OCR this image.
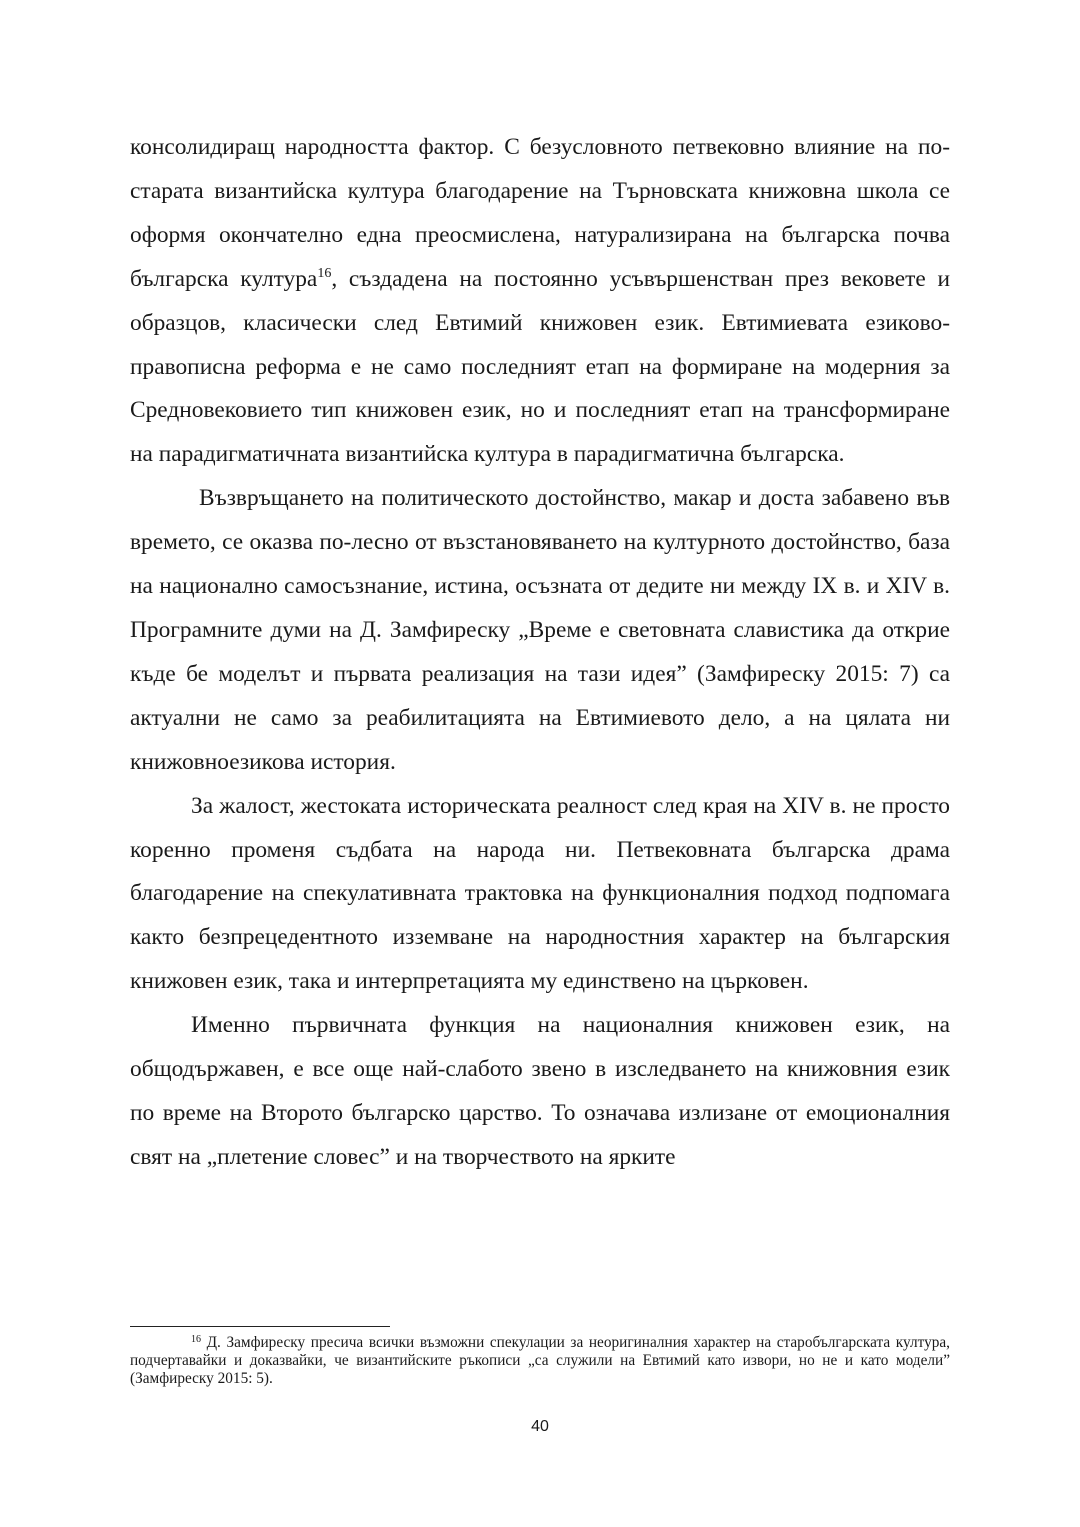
консолидиращ народността фактор. С безусловното петвековно влияние на по-старата византийска култура благодарение на Търновската книжовна школа се оформя окончателно една преосмислена, натурализирана на българска почва българска култура$^{16}$, създадена на постоянно усъвършенстван през вековете и образцов, класически след Евтимий книжовен език. Евтимиевата езиково-правописна реформа е не само последният етап на формиране на модерния за Средновековието тип книжовен език, но и последният етап на трансформиране на парадигматичната византийска култура в парадигматична българска.

Възвръщането на политическото достойнство, макар и доста забавено във времето, се оказва по-лесно от възстановяването на културното достойнство, база на национално самосъзнание, истина, осъзната от дедите ни между IX в. и XIV в. Програмните думи на Д. Замфиреску „Време е световната славистика да открие къде бе моделът и първата реализация на тази идея” (Замфиреску 2015: 7) са актуални не само за реабилитацията на Евтимиевото дело, а на цялата ни книжовноезикова история.

За жалост, жестоката историческата реалност след края на XIV в. не просто коренно променя съдбата на народа ни. Петвековната българска драма благодарение на спекулативната трактовка на функционалния подход подпомага както безпрецедентното изземване на народностния характер на българския книжовен език, така и интерпретацията му единствено на църковен.

Именно първичната функция на националния книжовен език, на общодържавен, е все още най-слабото звено в изследването на книжовния език по време на Второто българско царство. То означава излизане от емоционалния свят на „плетение словес” и на творчеството на ярките

$^{16}$ Д. Замфиреску пресича всички възможни спекулации за неоригиналния характер на старобългарската култура, подчертавайки и доказвайки, че византийските ръкописи „са служили на Евтимий като извори, но не и като модели” (Замфиреску 2015: 5).

40
